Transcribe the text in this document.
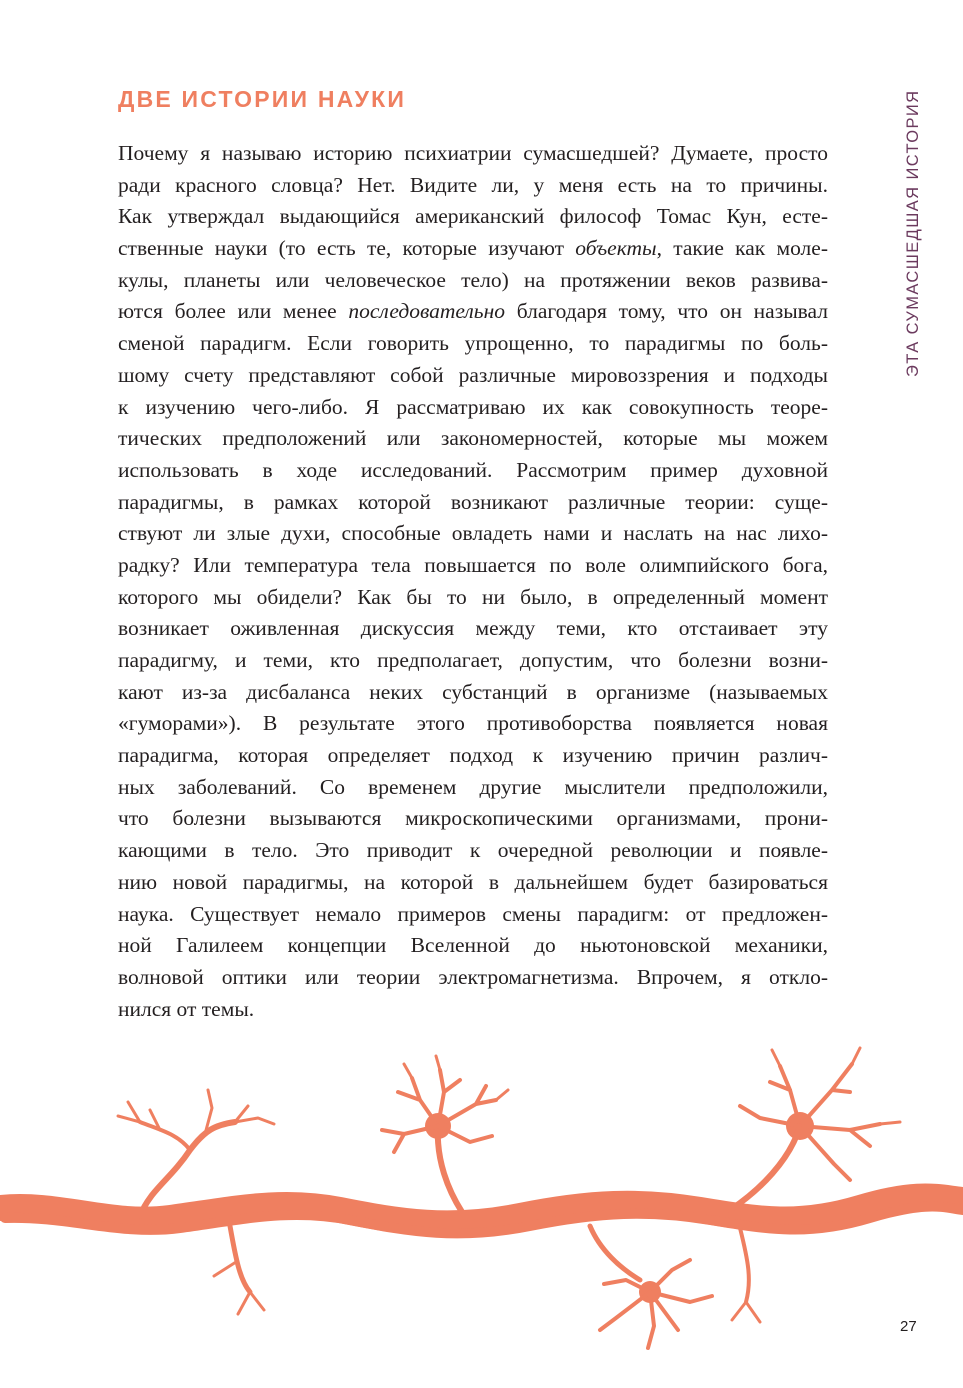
ДВЕ ИСТОРИИ НАУКИ
Почему я называю историю психиатрии сумасшедшей? Думаете, просто
ради красного словца? Нет. Видите ли, у меня есть на то причины.
Как утверждал выдающийся американский философ Томас Кун, есте-
ственные науки (то есть те, которые изучают объекты, такие как моле-
кулы, планеты или человеческое тело) на протяжении веков развива-
ются более или менее последовательно благодаря тому, что он называл
сменой парадигм. Если говорить упрощенно, то парадигмы по боль-
шому счету представляют собой различные мировоззрения и подходы
к изучению чего-либо. Я рассматриваю их как совокупность теоре-
тических предположений или закономерностей, которые мы можем
использовать в ходе исследований. Рассмотрим пример духовной
парадигмы, в рамках которой возникают различные теории: суще-
ствуют ли злые духи, способные овладеть нами и наслать на нас лихо-
радку? Или температура тела повышается по воле олимпийского бога,
которого мы обидели? Как бы то ни было, в определенный момент
возникает оживленная дискуссия между теми, кто отстаивает эту
парадигму, и теми, кто предполагает, допустим, что болезни возни-
кают из-за дисбаланса неких субстанций в организме (называемых
«гуморами»). В результате этого противоборства появляется новая
парадигма, которая определяет подход к изучению причин различ-
ных заболеваний. Со временем другие мыслители предположили,
что болезни вызываются микроскопическими организмами, прони-
кающими в тело. Это приводит к очередной революции и появле-
нию новой парадигмы, на которой в дальнейшем будет базироваться
наука. Существует немало примеров смены парадигм: от предложен-
ной Галилеем концепции Вселенной до ньютоновской механики,
волновой оптики или теории электромагнетизма. Впрочем, я откло-
нился от темы.
ЭТА СУМАСШЕДШАЯ ИСТОРИЯ
27
